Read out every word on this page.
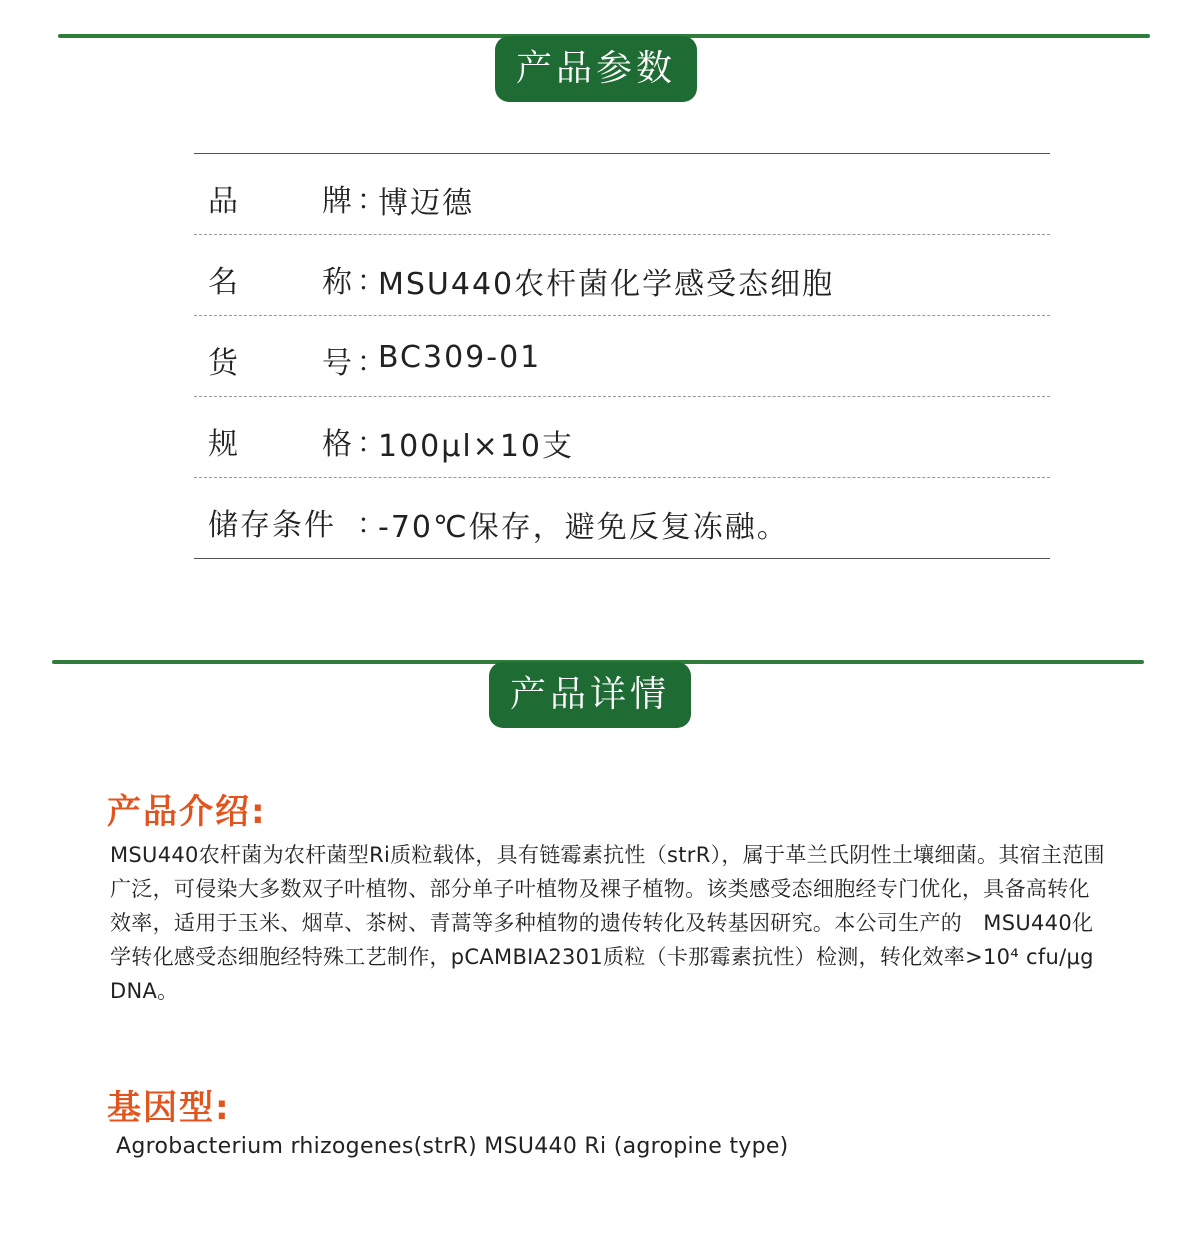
产品参数
品	牌 ：
博迈德
名	称 ：
MSU440农杆菌化学感受态细胞
货	号 ：
BC309-01
规	格 ：
100μl×10支
储存条件 ：
-70℃保存，避免反复冻融。
产品详情
产品介绍:
MSU440农杆菌为农杆菌型Ri质粒载体，具有链霉素抗性（strR），属于革兰氏阴性土壤细菌。其宿主范围广泛，可侵染大多数双子叶植物、部分单子叶植物及裸子植物。该类感受态细胞经专门优化，具备高转化效率，适用于玉米、烟草、茶树、青蒿等多种植物的遗传转化及转基因研究。本公司生产的　MSU440化学转化感受态细胞经特殊工艺制作，pCAMBIA2301质粒（卡那霉素抗性）检测，转化效率>10⁴ cfu/μg DNA。
基因型:
Agrobacterium rhizogenes(strR) MSU440 Ri (agropine type)
